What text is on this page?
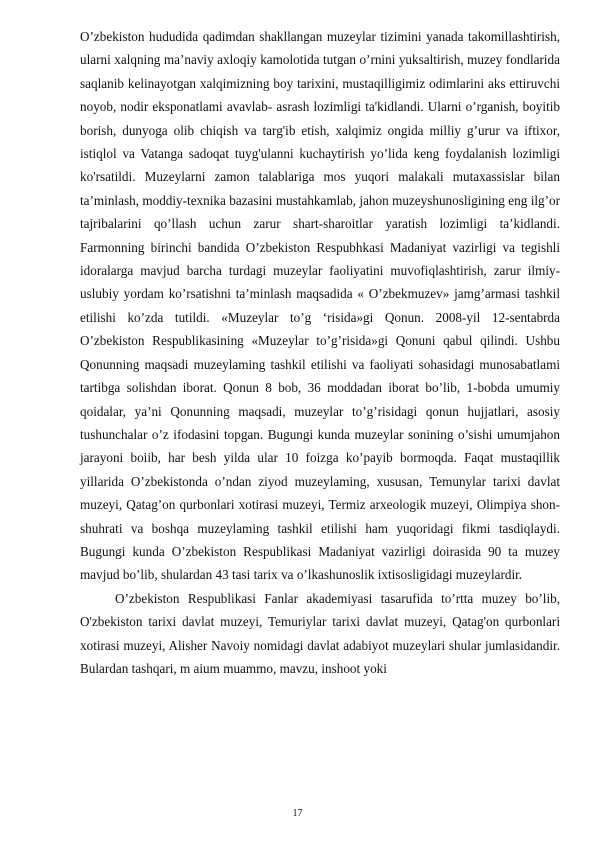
O’zbekiston hududida qadimdan shakllangan muzeylar tizimini yanada takomillashtirish, ularni xalqning ma’naviy axloqiy kamolotida tutgan o’rnini yuksaltirish, muzey fondlarida saqlanib kelinayotgan xalqimizning boy tarixini, mustaqilligimiz odimlarini aks ettiruvchi noyob, nodir eksponatlami avavlab- asrash lozimligi ta'kidlandi. Ularni o’rganish, boyitib borish, dunyoga olib chiqish va targ'ib etish, xalqimiz ongida milliy g’urur va iftixor, istiqlol va Vatanga sadoqat tuyg'ulanni kuchaytirish yo’lida keng foydalanish lozimligi ko'rsatildi. Muzeylarni zamon talablariga mos yuqori malakali mutaxassislar bilan ta’minlash, moddiy-texnika bazasini mustahkamlab, jahon muzeyshunosligining eng ilg’or tajribalarini qo’llash uchun zarur shart-sharoitlar yaratish lozimligi ta’kidlandi. Farmonning birinchi bandida O’zbekiston Respubhkasi Madaniyat vazirligi va tegishli idoralarga mavjud barcha turdagi muzeylar faoliyatini muvofiqlashtirish, zarur ilmiy-uslubiy yordam ko’rsatishni ta’minlash maqsadida « O’zbekmuzev» jamg’armasi tashkil etilishi ko’zda tutildi. «Muzeylar to’g ‘risida»gi Qonun. 2008-yil 12-sentabrda O’zbekiston Respublikasining «Muzeylar to’g’risida»gi Qonuni qabul qilindi. Ushbu Qonunning maqsadi muzeylaming tashkil etilishi va faoliyati sohasidagi munosabatlami tartibga solishdan iborat. Qonun 8 bob, 36 moddadan iborat bo’lib, 1-bobda umumiy qoidalar, ya’ni Qonunning maqsadi, muzeylar to’g’risidagi qonun hujjatlari, asosiy tushunchalar o’z ifodasini topgan. Bugungi kunda muzeylar sonining o’sishi umumjahon jarayoni boiib, har besh yilda ular 10 foizga ko’payib bormoqda. Faqat mustaqillik yillarida O’zbekistonda o’ndan ziyod muzeylaming, xususan, Temunylar tarixi davlat muzeyi, Qatag’on qurbonlari xotirasi muzeyi, Termiz arxeologik muzeyi, Olimpiya shon-shuhrati va boshqa muzeylaming tashkil etilishi ham yuqoridagi fikmi tasdiqlaydi. Bugungi kunda O’zbekiston Respublikasi Madaniyat vazirligi doirasida 90 ta muzey mavjud bo’lib, shulardan 43 tasi tarix va o’lkashunoslik ixtisosligidagi muzeylardir.

O’zbekiston Respublikasi Fanlar akademiyasi tasarufida to’rtta muzey bo’lib, O'zbekiston tarixi davlat muzeyi, Temuriylar tarixi davlat muzeyi, Qatag'on qurbonlari xotirasi muzeyi, Alisher Navoiy nomidagi davlat adabiyot muzeylari shular jumlasidandir. Bulardan tashqari, m aium muammo, mavzu, inshoot yoki

17
